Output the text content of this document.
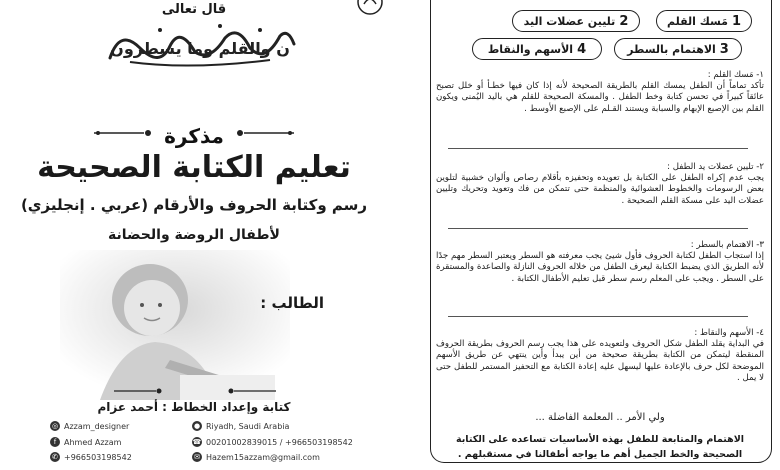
قال تعالى
ن والقلم وما يسطرون
مذكرة
تعليم الكتابة الصحيحة
رسم وكتابة الحروف والأرقام (عربي . إنجليزي)
لأطفال الروضة والحضانة
الطالب :
كتابة وإعداد الخطاط : أحمد عزام
◎ Azzam_designer
f Ahmed Azzam
✆ +966503198542
● Riyadh, Saudi Arabia
☎ 00201002839015 / +966503198542
✉ Hazem15azzam@gmail.com
1
مَسك القلم
2
تليين عضلات اليد
3
الاهتمام بالسطر
4
الأسهم والنقاط
١- مَسك القلم :
تأكد تماماً أن الطفل يمسك القلم بالطريقة الصحيحة لأنه إذا كان فيها خطـأ أو خلل تصبح عائقاً كبيراً في تحسن كتابة وخط الطفل . والمسكة الصحيحة للقلم هي باليد اليُمنى ويكون القلم بين الإصبع الإبهام والسبابة ويستند القـلم على الإصبع الأوسط .
٢- تليين عضلات يد الطفل :
يجب عدم إكراه الطفل على الكتابة بل تعويده وتحفيزه بأقلام رصاص وألوان خشبية لتلوين بعض الرسومات والخطوط العشوائية والمنظمة حتى تتمكن من فك وتعويد وتحريك وتليين عضلات اليد على مسكة القلم الصحيحة .
٣- الاهتمام بالسطر :
إذا استجاب الطفل لكتابة الحروف فأول شيئ يجب معرفته هو السطر ويعتبر السطر مهم جدًا لأنه الطريق الذي يضبط الكتابة ليعرف الطفل من خلاله الحروف النازلة والصاعدة والمستقرة على السطر . ويجب على المعلم رسم سطر قبل تعليم الأطفال الكتابة .
٤- الأسهم والنقاط :
في البداية يقلد الطفل شكل الحروف ولتعويده على هذا يجب رسم الحروف بطريقة الحروف المنقطة ليتمكن من الكتابة بطريقة صحيحة من أين يبدأ وأين ينتهي عن طريق الأسهم الموضحة لكل حرف بالإعادة عليها ليسهل عليه إعادة الكتابة مع التحفيز المستمر للطفل حتى لا يمل .
ولي الأمر .. المعلمة الفاضلة ...
الاهتمام والمتابعة للطفل بهذه الأساسيات تساعده على الكتابة الصحيحة والخط الجميل أهم ما يواجه أطفالنا في مستقبلهم .
